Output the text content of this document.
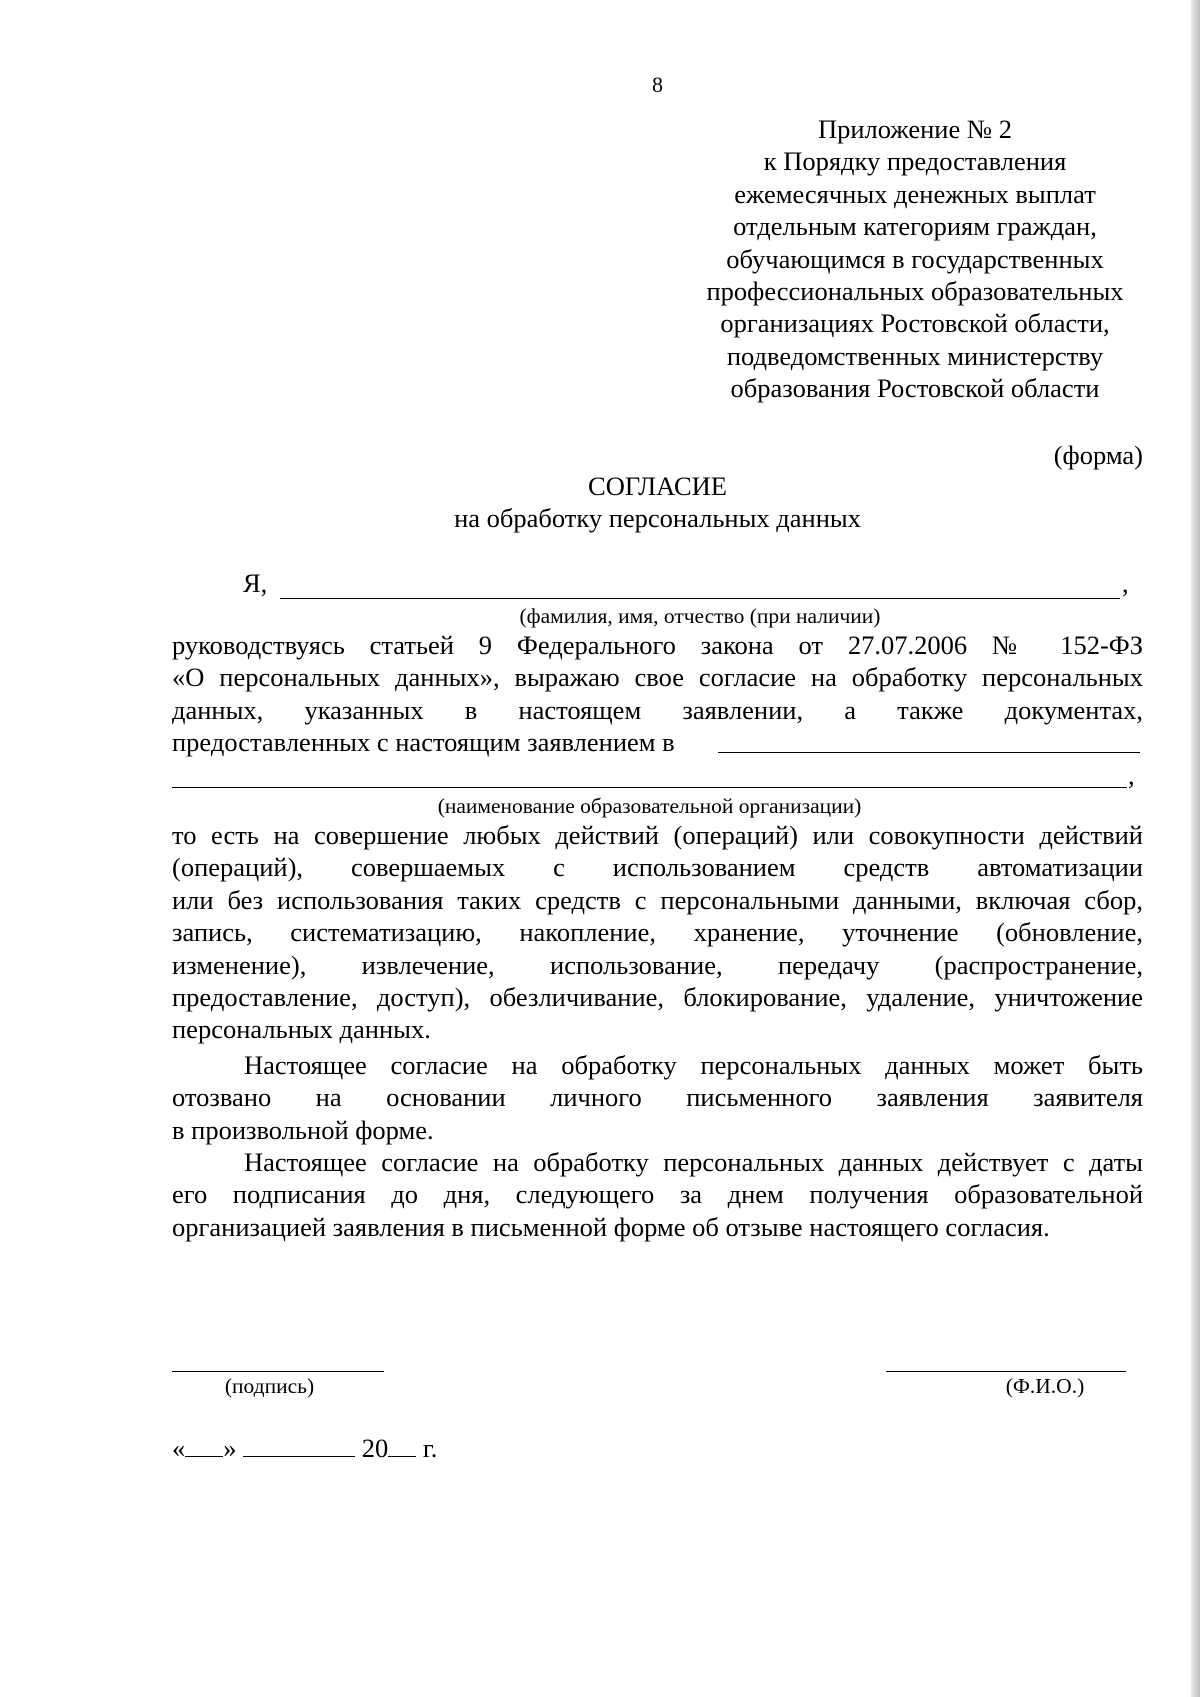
8
Приложение № 2
к Порядку предоставления
ежемесячных денежных выплат
отдельным категориям граждан,
обучающимся в государственных
профессиональных образовательных
организациях Ростовской области,
подведомственных министерству
образования Ростовской области
(форма)
СОГЛАСИЕ
на обработку персональных данных
Я,	,
(фамилия, имя, отчество (при наличии)
руководствуясь статьей 9 Федерального закона от 27.07.2006 № 152-ФЗ
«О персональных данных», выражаю свое согласие на обработку персональных
данных, указанных в настоящем заявлении, а также документах,
предоставленных с настоящим заявлением в
,
(наименование образовательной организации)
то есть на совершение любых действий (операций) или совокупности действий
(операций), совершаемых с использованием средств автоматизации
или без использования таких средств с персональными данными, включая сбор,
запись, систематизацию, накопление, хранение, уточнение (обновление,
изменение), извлечение, использование, передачу (распространение,
предоставление, доступ), обезличивание, блокирование, удаление, уничтожение
персональных данных.
Настоящее согласие на обработку персональных данных может быть
отозвано на основании личного письменного заявления заявителя
в произвольной форме.
Настоящее согласие на обработку персональных данных действует с даты
его подписания до дня, следующего за днем получения образовательной
организацией заявления в письменной форме об отзыве настоящего согласия.
(подпись)	(Ф.И.О.)
« »	20 г.
